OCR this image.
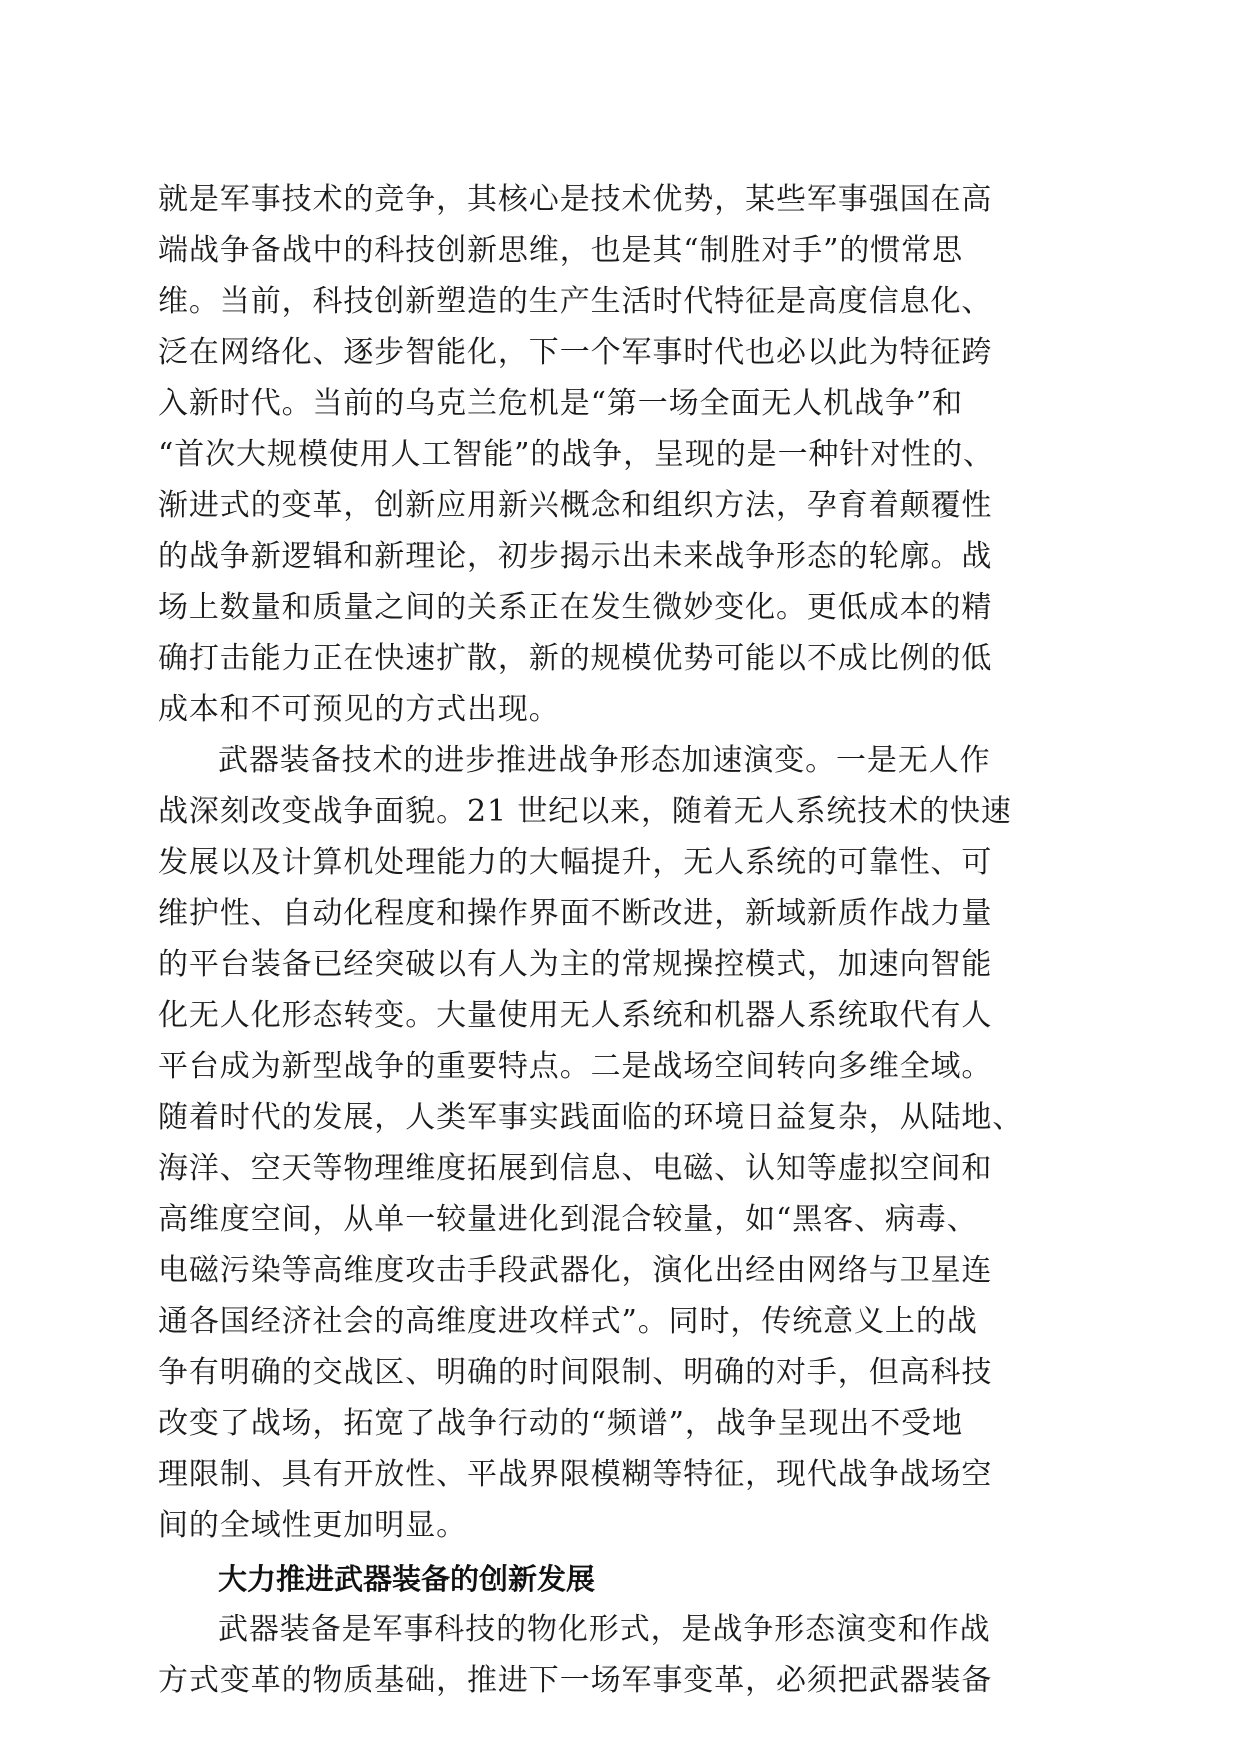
就是军事技术的竞争，其核心是技术优势，某些军事强国在高
端战争备战中的科技创新思维，也是其“制胜对手”的惯常思
维。当前，科技创新塑造的生产生活时代特征是高度信息化、
泛在网络化、逐步智能化，下一个军事时代也必以此为特征跨
入新时代。当前的乌克兰危机是“第一场全面无人机战争”和
“首次大规模使用人工智能”的战争，呈现的是一种针对性的、
渐进式的变革，创新应用新兴概念和组织方法，孕育着颠覆性
的战争新逻辑和新理论，初步揭示出未来战争形态的轮廓。战
场上数量和质量之间的关系正在发生微妙变化。更低成本的精
确打击能力正在快速扩散，新的规模优势可能以不成比例的低
成本和不可预见的方式出现。
武器装备技术的进步推进战争形态加速演变。一是无人作
战深刻改变战争面貌。21 世纪以来，随着无人系统技术的快速
发展以及计算机处理能力的大幅提升，无人系统的可靠性、可
维护性、自动化程度和操作界面不断改进，新域新质作战力量
的平台装备已经突破以有人为主的常规操控模式，加速向智能
化无人化形态转变。大量使用无人系统和机器人系统取代有人
平台成为新型战争的重要特点。二是战场空间转向多维全域。
随着时代的发展，人类军事实践面临的环境日益复杂，从陆地、
海洋、空天等物理维度拓展到信息、电磁、认知等虚拟空间和
高维度空间，从单一较量进化到混合较量，如“黑客、病毒、
电磁污染等高维度攻击手段武器化，演化出经由网络与卫星连
通各国经济社会的高维度进攻样式”。同时，传统意义上的战
争有明确的交战区、明确的时间限制、明确的对手，但高科技
改变了战场，拓宽了战争行动的“频谱”，战争呈现出不受地
理限制、具有开放性、平战界限模糊等特征，现代战争战场空
间的全域性更加明显。
大力推进武器装备的创新发展
武器装备是军事科技的物化形式，是战争形态演变和作战
方式变革的物质基础，推进下一场军事变革，必须把武器装备
